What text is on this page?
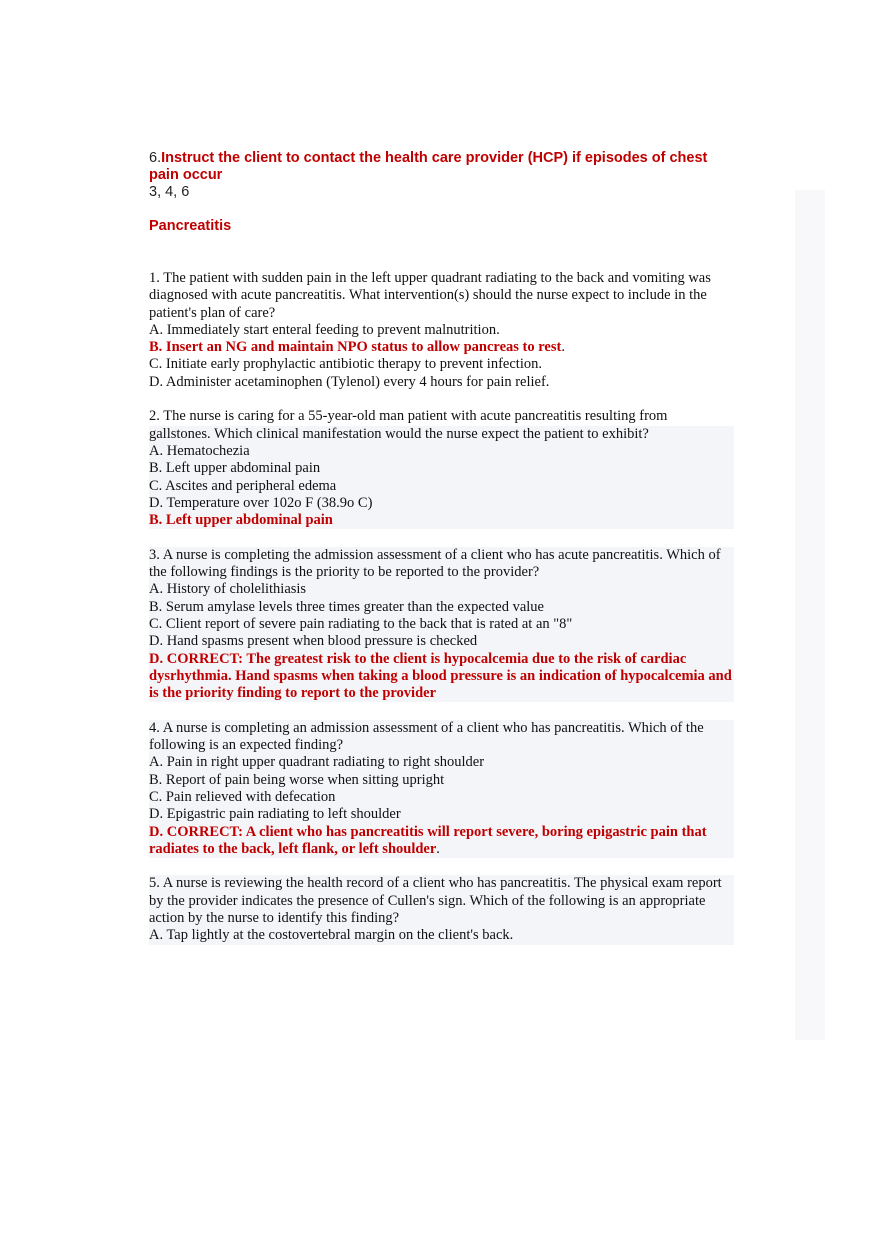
6.Instruct the client to contact the health care provider (HCP) if episodes of chest pain occur

3, 4, 6

Pancreatitis

1. The patient with sudden pain in the left upper quadrant radiating to the back and vomiting was diagnosed with acute pancreatitis. What intervention(s) should the nurse expect to include in the patient's plan of care?

A. Immediately start enteral feeding to prevent malnutrition.

B. Insert an NG and maintain NPO status to allow pancreas to rest.

C. Initiate early prophylactic antibiotic therapy to prevent infection.

D. Administer acetaminophen (Tylenol) every 4 hours for pain relief.

2. The nurse is caring for a 55-year-old man patient with acute pancreatitis resulting from

gallstones. Which clinical manifestation would the nurse expect the patient to exhibit?

A. Hematochezia

B. Left upper abdominal pain

C. Ascites and peripheral edema

D. Temperature over 102o F (38.9o C)

B. Left upper abdominal pain

3. A nurse is completing the admission assessment of a client who has acute pancreatitis. Which of the following findings is the priority to be reported to the provider?

A. History of cholelithiasis

B. Serum amylase levels three times greater than the expected value

C. Client report of severe pain radiating to the back that is rated at an "8"

D. Hand spasms present when blood pressure is checked

D. CORRECT: The greatest risk to the client is hypocalcemia due to the risk of cardiac dysrhythmia. Hand spasms when taking a blood pressure is an indication of hypocalcemia and is the priority finding to report to the provider

4. A nurse is completing an admission assessment of a client who has pancreatitis. Which of the following is an expected finding?

A. Pain in right upper quadrant radiating to right shoulder

B. Report of pain being worse when sitting upright

C. Pain relieved with defecation

D. Epigastric pain radiating to left shoulder

D. CORRECT: A client who has pancreatitis will report severe, boring epigastric pain that radiates to the back, left flank, or left shoulder.

5. A nurse is reviewing the health record of a client who has pancreatitis. The physical exam report by the provider indicates the presence of Cullen's sign. Which of the following is an appropriate action by the nurse to identify this finding?

A. Tap lightly at the costovertebral margin on the client's back.
